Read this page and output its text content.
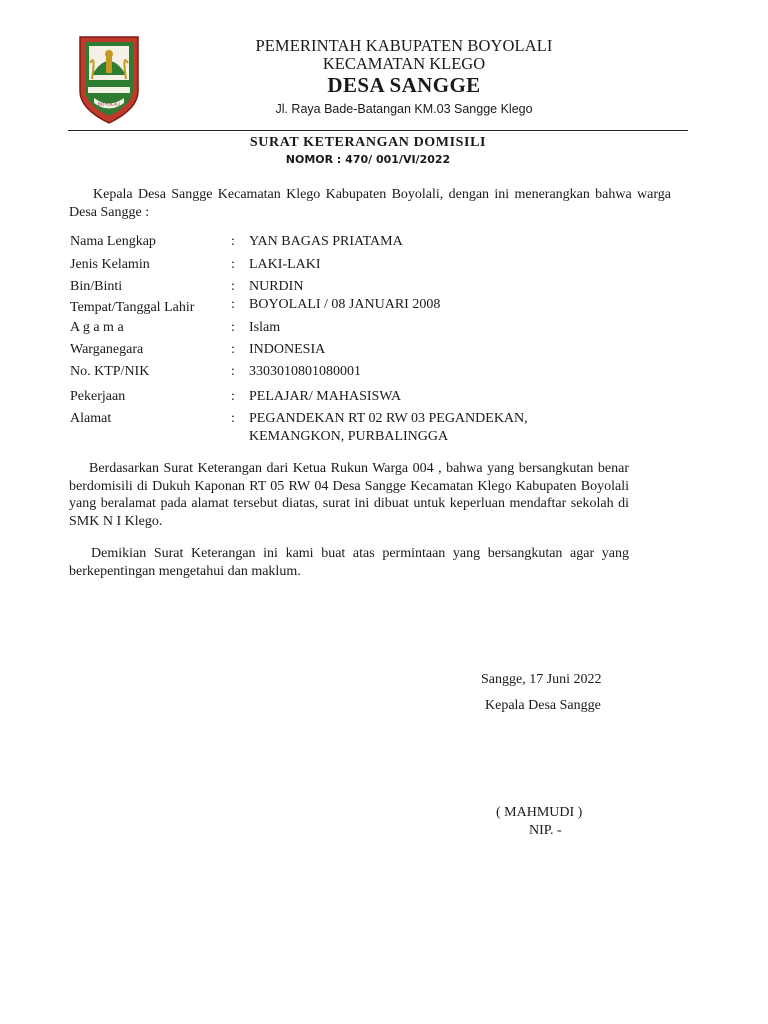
BOYOLALI
PEMERINTAH KABUPATEN BOYOLALI
KECAMATAN KLEGO
DESA SANGGE
Jl. Raya Bade-Batangan KM.03 Sangge Klego
SURAT KETERANGAN DOMISILI
NOMOR : 470/ 001/VI/2022
Kepala Desa Sangge Kecamatan Klego Kabupaten Boyolali, dengan ini menerangkan bahwa warga Desa Sangge :
Nama Lengkap	: YAN BAGAS PRIATAMA
Jenis Kelamin	: LAKI-LAKI
Bin/Binti	: NURDIN
Tempat/Tanggal Lahir	: BOYOLALI / 08 JANUARI 2008
A g a m a	: Islam
Warganegara	: INDONESIA
No. KTP/NIK	: 3303010801080001
Pekerjaan	: PELAJAR/ MAHASISWA
Alamat	: PEGANDEKAN RT 02 RW 03 PEGANDEKAN,
KEMANGKON, PURBALINGGA
Berdasarkan Surat Keterangan dari Ketua Rukun Warga 004 , bahwa yang bersangkutan benar berdomisili di Dukuh Kaponan RT 05 RW 04 Desa Sangge Kecamatan Klego Kabupaten Boyolali yang beralamat pada alamat tersebut diatas, surat ini dibuat untuk keperluan mendaftar sekolah di SMK N I Klego.
Demikian Surat Keterangan ini kami buat atas permintaan yang bersangkutan agar yang berkepentingan mengetahui dan maklum.
Sangge, 17 Juni 2022
Kepala Desa Sangge
( MAHMUDI )
NIP. -
